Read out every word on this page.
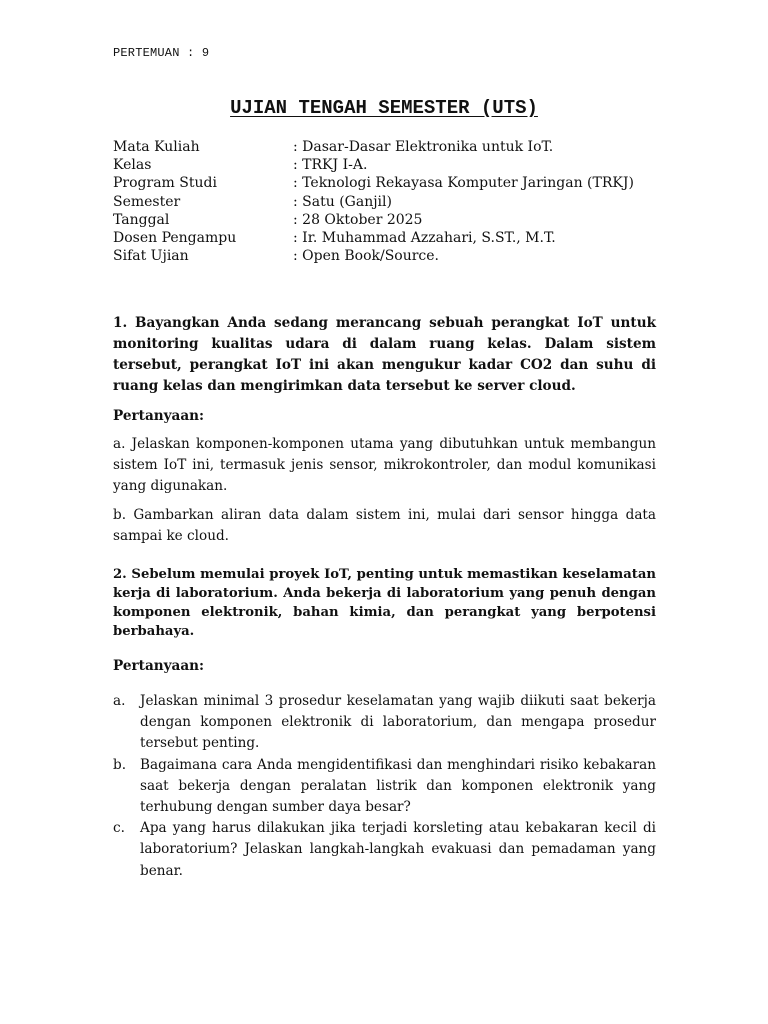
PERTEMUAN : 9
UJIAN TENGAH SEMESTER (UTS)
Mata Kuliah	: Dasar-Dasar Elektronika untuk IoT.
Kelas	: TRKJ I-A.
Program Studi	: Teknologi Rekayasa Komputer Jaringan (TRKJ)
Semester	: Satu (Ganjil)
Tanggal	: 28 Oktober 2025
Dosen Pengampu	: Ir. Muhammad Azzahari, S.ST., M.T.
Sifat Ujian	: Open Book/Source.
1. Bayangkan Anda sedang merancang sebuah perangkat IoT untuk monitoring kualitas udara di dalam ruang kelas. Dalam sistem tersebut, perangkat IoT ini akan mengukur kadar CO2 dan suhu di ruang kelas dan mengirimkan data tersebut ke server cloud.
Pertanyaan:
a. Jelaskan komponen-komponen utama yang dibutuhkan untuk membangun sistem IoT ini, termasuk jenis sensor, mikrokontroler, dan modul komunikasi yang digunakan.
b. Gambarkan aliran data dalam sistem ini, mulai dari sensor hingga data sampai ke cloud.
2. Sebelum memulai proyek IoT, penting untuk memastikan keselamatan kerja di laboratorium. Anda bekerja di laboratorium yang penuh dengan komponen elektronik, bahan kimia, dan perangkat yang berpotensi berbahaya.
Pertanyaan:
a. Jelaskan minimal 3 prosedur keselamatan yang wajib diikuti saat bekerja dengan komponen elektronik di laboratorium, dan mengapa prosedur tersebut penting.
b. Bagaimana cara Anda mengidentifikasi dan menghindari risiko kebakaran saat bekerja dengan peralatan listrik dan komponen elektronik yang terhubung dengan sumber daya besar?
c. Apa yang harus dilakukan jika terjadi korsleting atau kebakaran kecil di laboratorium? Jelaskan langkah-langkah evakuasi dan pemadaman yang benar.
